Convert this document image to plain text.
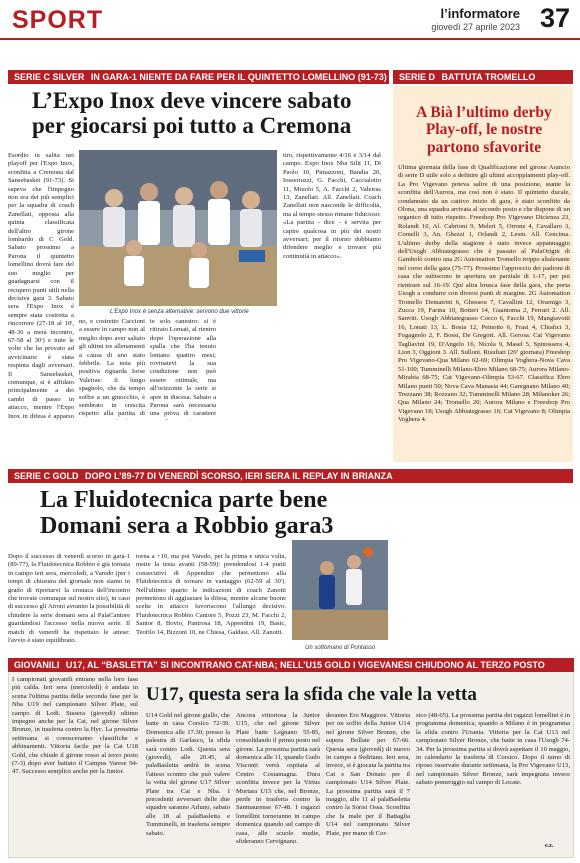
SPORT	l’informatore
giovedì 27 aprile 2023 37
SERIE C SILVER IN GARA-1 NIENTE DA FARE PER IL QUINTETTO LOMELLINO (91-73)
L’Expo Inox deve vincere sabato
per giocarsi poi tutto a Cremona
Esordio in salita nei playoff per l'Expo Inox, sconfitta a Cremona dal Sansebasket (91-73). Si sapeva che l'impegno non era dei più semplici per la squadra di coach Zanellati, opposta alla quinta classificata dell'altro girone lombardo di C Gold. Sabato prossimo a Parona il quintetto lomellino dovrà fare del suo meglio per guadagnarsi con il recupero punti utili nella decisiva gara 3. Sabato sera l'Expo Inox è sempre stata costretta a rincorrere (27-18 al 10', 48-36 a metà incontro, 67-58 al 30') e tutte le volte che ha provato ad avvicinarsi è stata respinta dagli avversari. Il Sansebasket, comunque, si è affidato principalmente a dei cambi di passo in attacco, mentre l'Expo Inox in difesa è apparso
L’Expo Inox è senza alternative: servono due vittorie
no, e costretto Caccioni a essere in campo non al meglio dopo aver saltato gli ultimi tre allenamenti a causa di uno stato febbrile. La nota più positiva riguarda Iorse Valeiras: il lungo spagnolo, che da tempo soffre a un ginocchio, è sembrato in crescita rispetto alla partita di
te solo canestro: si è ritirato Lomati, al rientro dopo l'operazione alla spalla che l'ha tenuto lontano quattro mesi; rovinatevi la sua condizione non può essere ottimale, ma all'orizzonte la serie si apre in discesa. Sabato a Parona sarà necessaria una prova di carattere
tiro, rispettivamente 4/16 e 3/14 dal campo. Expo Inox Nba Silit 11, Di Paolo 10, Pimazzoni, Bandia 20, Iosseriuzzi, G. Facchi, Caccialotto 11, Miuolo 5, A. Facchi 2, Valeiras 13, Zanellati. All. Zanellati. Coach Zanellati non nasconde le difficoltà, ma al tempo stesso rimane fiducioso: «La partita - dice - è servita per capire qualcosa in più dei nostri avversari; per il ritorno dobbiamo difendere meglio e trovare più continuità in attacco».
SERIE D BATTUTA TROMELLO
A Bià l’ultimo derby Play-off, le nostre partono sfavorite
Ultima giornata della fase di Qualificazione nel girone Arancio di serie D utile solo a definire gli ultimi accoppiamenti play-off. La Pro Vigevano poteva salire di una posizione, stante la sconfitta dell'Aurora, ma così non è stato. Il quintetto ducale, condannato da un cattivo inizio di gara, è stato sconfitto da Olona, una squadra arrivata al secondo posto e che dispone di un organico di tutto rispetto. Freeshop Pro Vigevano Dicienza 23, Rolandi 10, Al. Cabrioni 9, Meleri 5, Orrone 4, Cavallaro 3, Comelli 3, An. Ghezzi 1, Orlandi 2, Lesm. All. Cencima. L'ultimo derby della stagione è stato invece appannaggio dell'Usogb Abbiategrasso che è passato al PalaOrigin di Gambolò contro una 2G Automation Tromello troppo altalenante nel corso della gara (75-77). Prossimo l'approccio dei padroni di casa che subiscono in apertura un parziale di 1-17, per poi rientrare sul 16-19. Qui altra brusca fase della gara, che porta Usogb a condurre con diversi punti di margine. 2G Automation Tromello Dematrini 6, Ghessou 7, Cavallini 12, Orsenigo 3, Zucca 19, Farina 10, Botteri 14, Guantoma 2, Ferrari 2. All. Sanviti. Usogb Abbiategrasso Cocco 6, Facchi 19, Mangiavotti 16, Lonati 13, L. Bosia 12, Peinotto 6, Frasi 4, Chiafici 3, Fogagnolo 2, F. Bossi, De Gregori. All. Gerosa. Cat Vigevano Tagliavini 19, D'Angelo 16, Nicola 9, Masel 5, Spinossera 4, Lion 3, Oggioni 3. All. Sulloni. Risultati (26ª giornata) Freeshop Pro Vigevano-Qua Milano 62-69; Olimpia Voghera-Nova Cava 51-100; Tumminelli Milano-Ebro Milano 68-75; Aurora Milano-Mirabia 68-75; Cat Vigevano-Olimpia 53-67. Classifica Ebro Milano punti 50; Nova Cava Manasia 44; Garegnano Milano 40; Trezzano 38; Rozzano 32; Tumminelli Milano 28; Milanoker 26; Qua Milano 24; Tromello 20; Aurora Milano e Freeshop Pro Vigevano 18; Usogb Abbiategrasso 16; Cat Vigevano 8; Olimpia Voghera 4.
SERIE C GOLD DOPO L’89-77 DI VENERDÌ SCORSO, IERI SERA IL REPLAY IN BRIANZA
La Fluidotecnica parte bene
Domani sera a Robbio gara3
Dopo il successo di venerdì scorso in gara-1 (89-77), la Fluidotecnica Robbio è già tornata in campo ieri sera, mercoledì, a Varedo (per i tempi di chiusura del giornale non siamo in grado di riportarvi la cronaca dell'incontro che trovate comunque sul nostro sito), in caso di successo gli Aironi avranno la possibilità di chiudere la serie domani sera al PalaCantore guardandosi l'accesso nella nuova serie. Il match di venerdì ha rispettato le attese: l'avvio è stato equilibrato.
torna a +10, ma poi Varedo, per la prima e unica volta, mette la testa avanti (58-59): prendendosi 1-4 punti consecutivi di Appendini che permettono alla Fluidotecnica di tornare in vantaggio (62-59 al 30'). Nell'ultimo quarto le indicazioni di coach Zanotti permettono di aggiustare la difesa, mentre alcune buone scelte in attacco favoriscono l'allungo decisivo. Fluidotecnica Robbio Cantore 5, Pozzi 23, M. Facchi 2, Santor 8, Bovio, Pantrosa 18, Appendini 19, Basic, Teofilo 14, Bizzoni 10, ne Chiesa, Galdasi. All. Zanotti.
Un sottomano di Pontasso
GIOVANILI U17, AL “BASLETTA” SI INCONTRANO CAT-NBA; NELL’U15 GOLD I VIGEVANESI CHIUDONO AL TERZO POSTO
U17, questa sera la sfida che vale la vetta
I campionati giovanili entrano nella loro fase più calda. Ieri sera (mercoledì) è andata in scena l'ultima partita della seconda fase per la Nba U19 nel campionato Silver Plate, sul campo di Lodi. Stasera (giovedì) ultimo impegno anche per la Cat, nel girone Silver Bronze, in trasferta contro la Hyc. La prossima settimana si conosceranno classifiche e abbinamenti. Vittoria facile per la Cat U18 Gold, che chiude il girone rosso al terzo posto (7-3) dopo aver battuto il Campus Varese 94-47. Successo semplice anche per la Junior.
U14 Gold nel girone giallo, che batte in casa Corsico 72-39. Domenica alle 17.30, presso la palestra di Garlasco, la sfida sarà contro Lodi. Questa sera (giovedì), alle 20.45, al palaBasletta andrà in scena l'atteso scontro che può valere la vetta del girone U17 Silver Plate tra Cat e Nba. I precedenti avversari delle due squadre saranno Arluno, sabato alle 18 al palaBasletta e Tumminelli, in trasferta sempre sabato.
Ancora vittoriosa la Junior U15, che nel girone Silver Plate batte Legnano 55-85, consolidando il primo posto nel girone. La prossima partita sarà domenica alle 11, quando Gudo Visconti verrà ospitata al Centro Costamagna. Dura sconfitta invece per la Virtus Mortara U15 che, nel Bronze, perde in trasferta contro la Sanmaurense 67-48. I ragazzi lomellini torneranno in campo domenica quando sul campo di casa, alle scuole medie, sfideranno Cervignano.
deranno Ero Maggiore. Vittoria per un soffio della Junior U14 nel girone Silver Bronze, che supera Bollate per 67-66. Questa sera (giovedì) di nuovo in campo a Sedriano. Ieri sera, invece, si è giocata la partita tra Cat e San Donato per il campionato U14 Silver Plate. La prossima partita sarà il 7 maggio, alle 11 al palaBasletta contro la Sorisi Ossa. Sconfitta che fa male per il Battaglia U14 nel campionato Silver Plate, per mano di Cor-
sico (48-65). La prossima partita dei ragazzi lomellini è in programma domenica, quando a Milano è in programma la sfida contro l'Urania. Vittoria per la Cat U13 nel campionato Silver Bronze, che batte in casa l'Usogb 74-34. Per la prossima partita si dovrà aspettare il 10 maggio, in calendario la trasferta di Corsico. Dopo il turno di riposo osservato durante settimana, la Pro Vigevano U13, nel campionato Silver Bronze, sarà impegnata invece sabato pomeriggio sul campo di Locate.
e.z.
